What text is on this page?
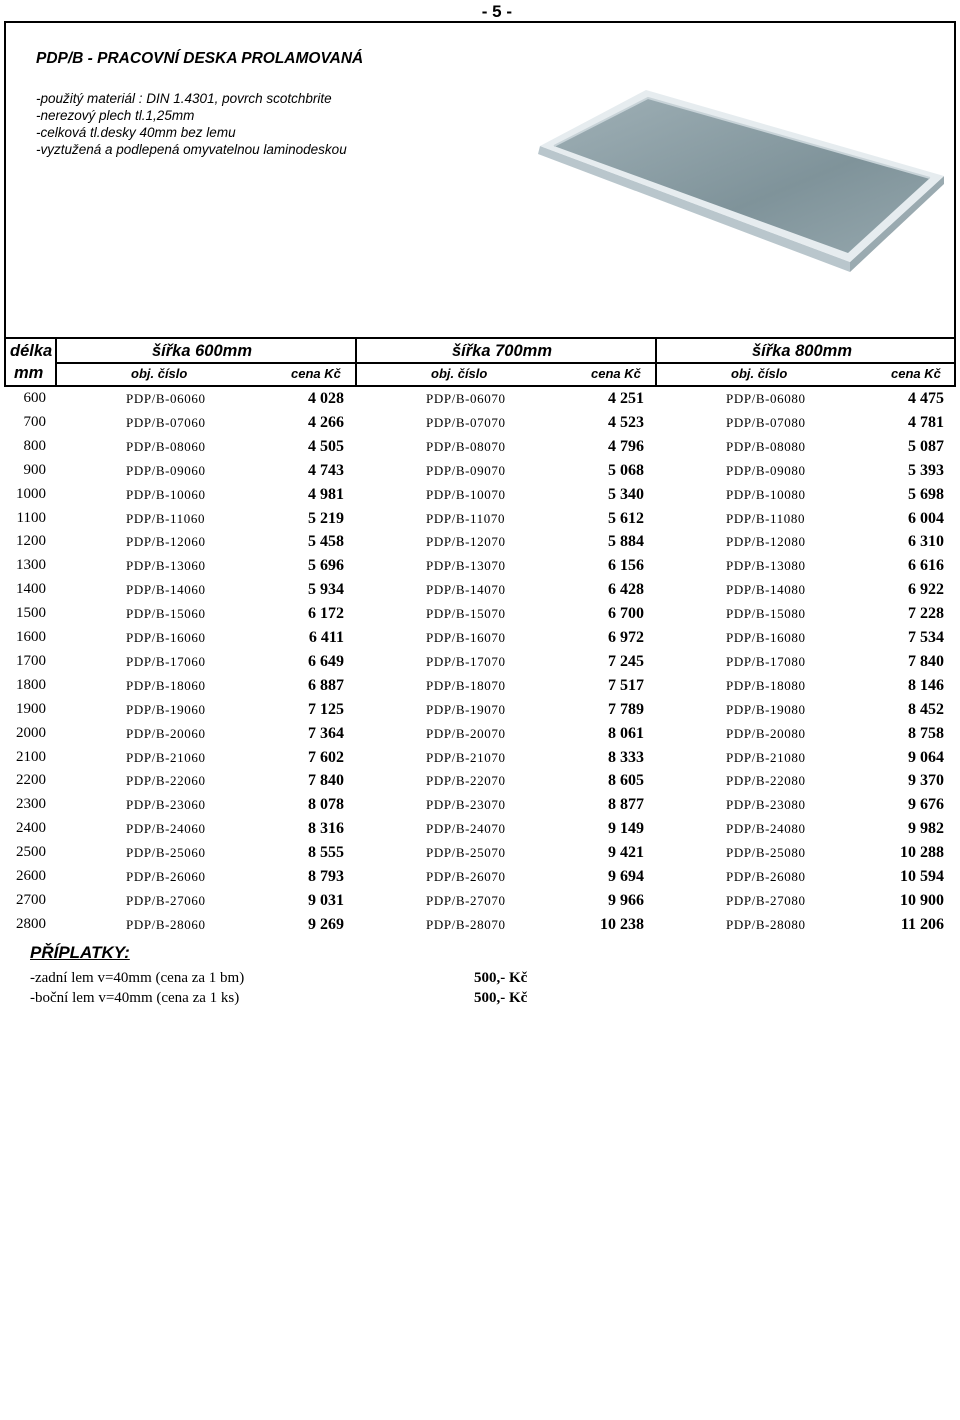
- 5 -
PDP/B - PRACOVNÍ DESKA PROLAMOVANÁ
-použitý materiál : DIN 1.4301, povrch scotchbrite
-nerezový plech tl.1,25mm
-celková tl.desky 40mm bez lemu
-vyztužená a podlepená omyvatelnou laminodeskou
délka	šířka 600mm	šířka 700mm	šířka 800mm
mm	obj. číslo	cena Kč	obj. číslo	cena Kč	obj. číslo	cena Kč
600	PDP/B-06060	4 028	PDP/B-06070	4 251	PDP/B-06080	4 475
700	PDP/B-07060	4 266	PDP/B-07070	4 523	PDP/B-07080	4 781
800	PDP/B-08060	4 505	PDP/B-08070	4 796	PDP/B-08080	5 087
900	PDP/B-09060	4 743	PDP/B-09070	5 068	PDP/B-09080	5 393
1000	PDP/B-10060	4 981	PDP/B-10070	5 340	PDP/B-10080	5 698
1100	PDP/B-11060	5 219	PDP/B-11070	5 612	PDP/B-11080	6 004
1200	PDP/B-12060	5 458	PDP/B-12070	5 884	PDP/B-12080	6 310
1300	PDP/B-13060	5 696	PDP/B-13070	6 156	PDP/B-13080	6 616
1400	PDP/B-14060	5 934	PDP/B-14070	6 428	PDP/B-14080	6 922
1500	PDP/B-15060	6 172	PDP/B-15070	6 700	PDP/B-15080	7 228
1600	PDP/B-16060	6 411	PDP/B-16070	6 972	PDP/B-16080	7 534
1700	PDP/B-17060	6 649	PDP/B-17070	7 245	PDP/B-17080	7 840
1800	PDP/B-18060	6 887	PDP/B-18070	7 517	PDP/B-18080	8 146
1900	PDP/B-19060	7 125	PDP/B-19070	7 789	PDP/B-19080	8 452
2000	PDP/B-20060	7 364	PDP/B-20070	8 061	PDP/B-20080	8 758
2100	PDP/B-21060	7 602	PDP/B-21070	8 333	PDP/B-21080	9 064
2200	PDP/B-22060	7 840	PDP/B-22070	8 605	PDP/B-22080	9 370
2300	PDP/B-23060	8 078	PDP/B-23070	8 877	PDP/B-23080	9 676
2400	PDP/B-24060	8 316	PDP/B-24070	9 149	PDP/B-24080	9 982
2500	PDP/B-25060	8 555	PDP/B-25070	9 421	PDP/B-25080	10 288
2600	PDP/B-26060	8 793	PDP/B-26070	9 694	PDP/B-26080	10 594
2700	PDP/B-27060	9 031	PDP/B-27070	9 966	PDP/B-27080	10 900
2800	PDP/B-28060	9 269	PDP/B-28070	10 238	PDP/B-28080	11 206
PŘÍPLATKY:
-zadní lem v=40mm (cena za 1 bm)	500,- Kč
-boční lem v=40mm (cena za 1 ks)	500,- Kč
